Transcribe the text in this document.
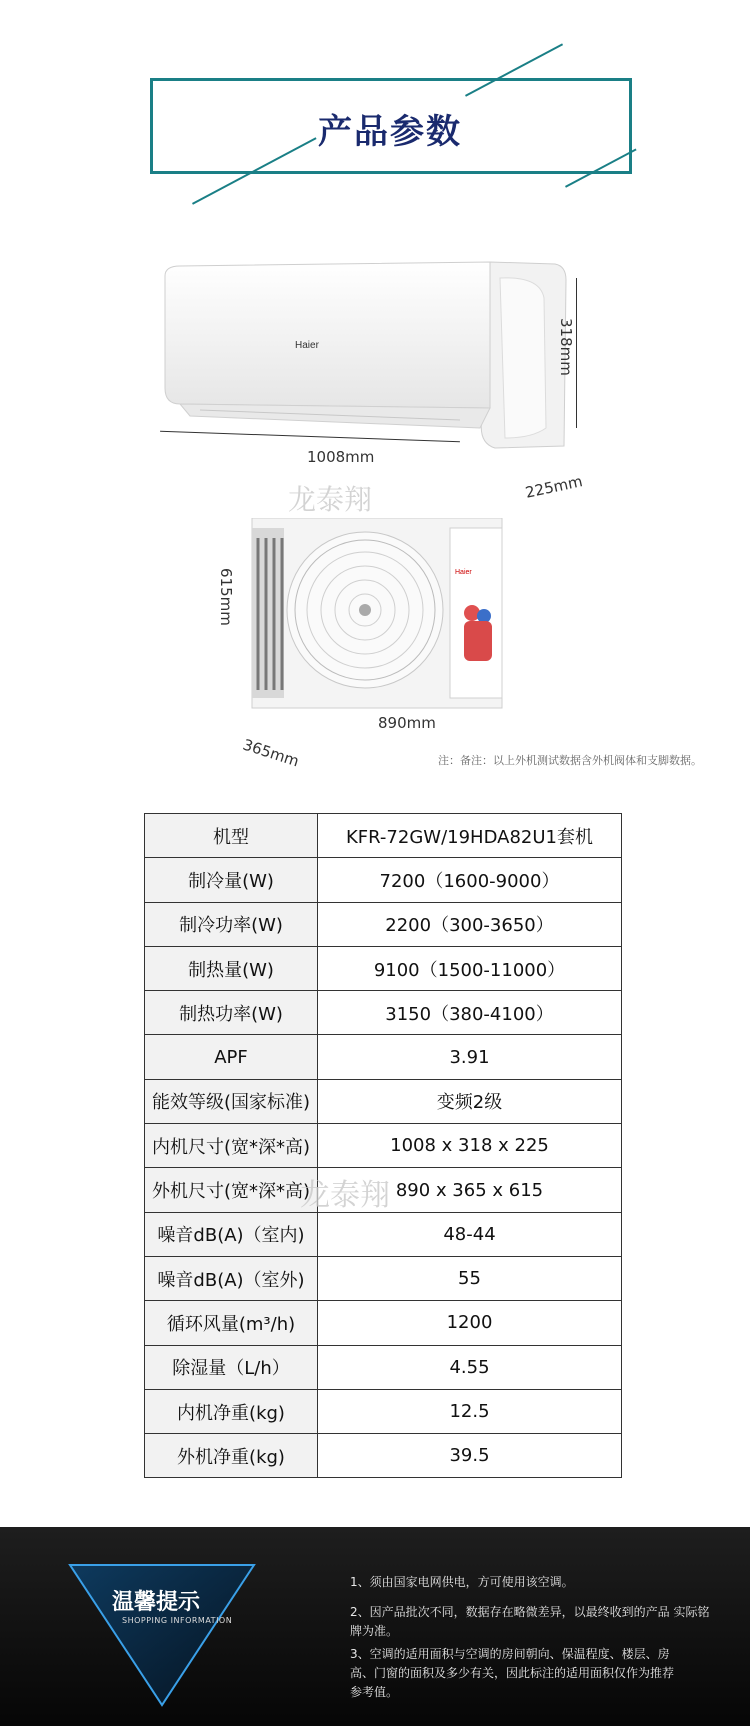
产品参数
Haier
1008mm
318mm
225mm
龙泰翔
Haier
615mm
890mm
365mm	注：备注：以上外机测试数据含外机阀体和支脚数据。
机型	KFR-72GW/19HDA82U1套机
制冷量(W)	7200（1600-9000）
制冷功率(W)	2200（300-3650）
制热量(W)	9100（1500-11000）
制热功率(W)	3150（380-4100）
APF	3.91
能效等级(国家标准)	变频2级
内机尺寸(宽*深*高)	1008 x 318 x 225
外机尺寸(宽*深*高)	890 x 365 x 615
噪音dB(A)（室内)	48-44
噪音dB(A)（室外)	55
循环风量(m³/h)	1200
除湿量（L/h）	4.55
内机净重(kg)	12.5
外机净重(kg)	39.5
龙泰翔
温馨提示
SHOPPING INFORMATION
1、须由国家电网供电，方可使用该空调。
2、因产品批次不同，数据存在略微差异，以最终收到的产品 实际铭牌为准。
3、空调的适用面积与空调的房间朝向、保温程度、楼层、房高、门窗的面积及多少有关，因此标注的适用面积仅作为推荐参考值。
